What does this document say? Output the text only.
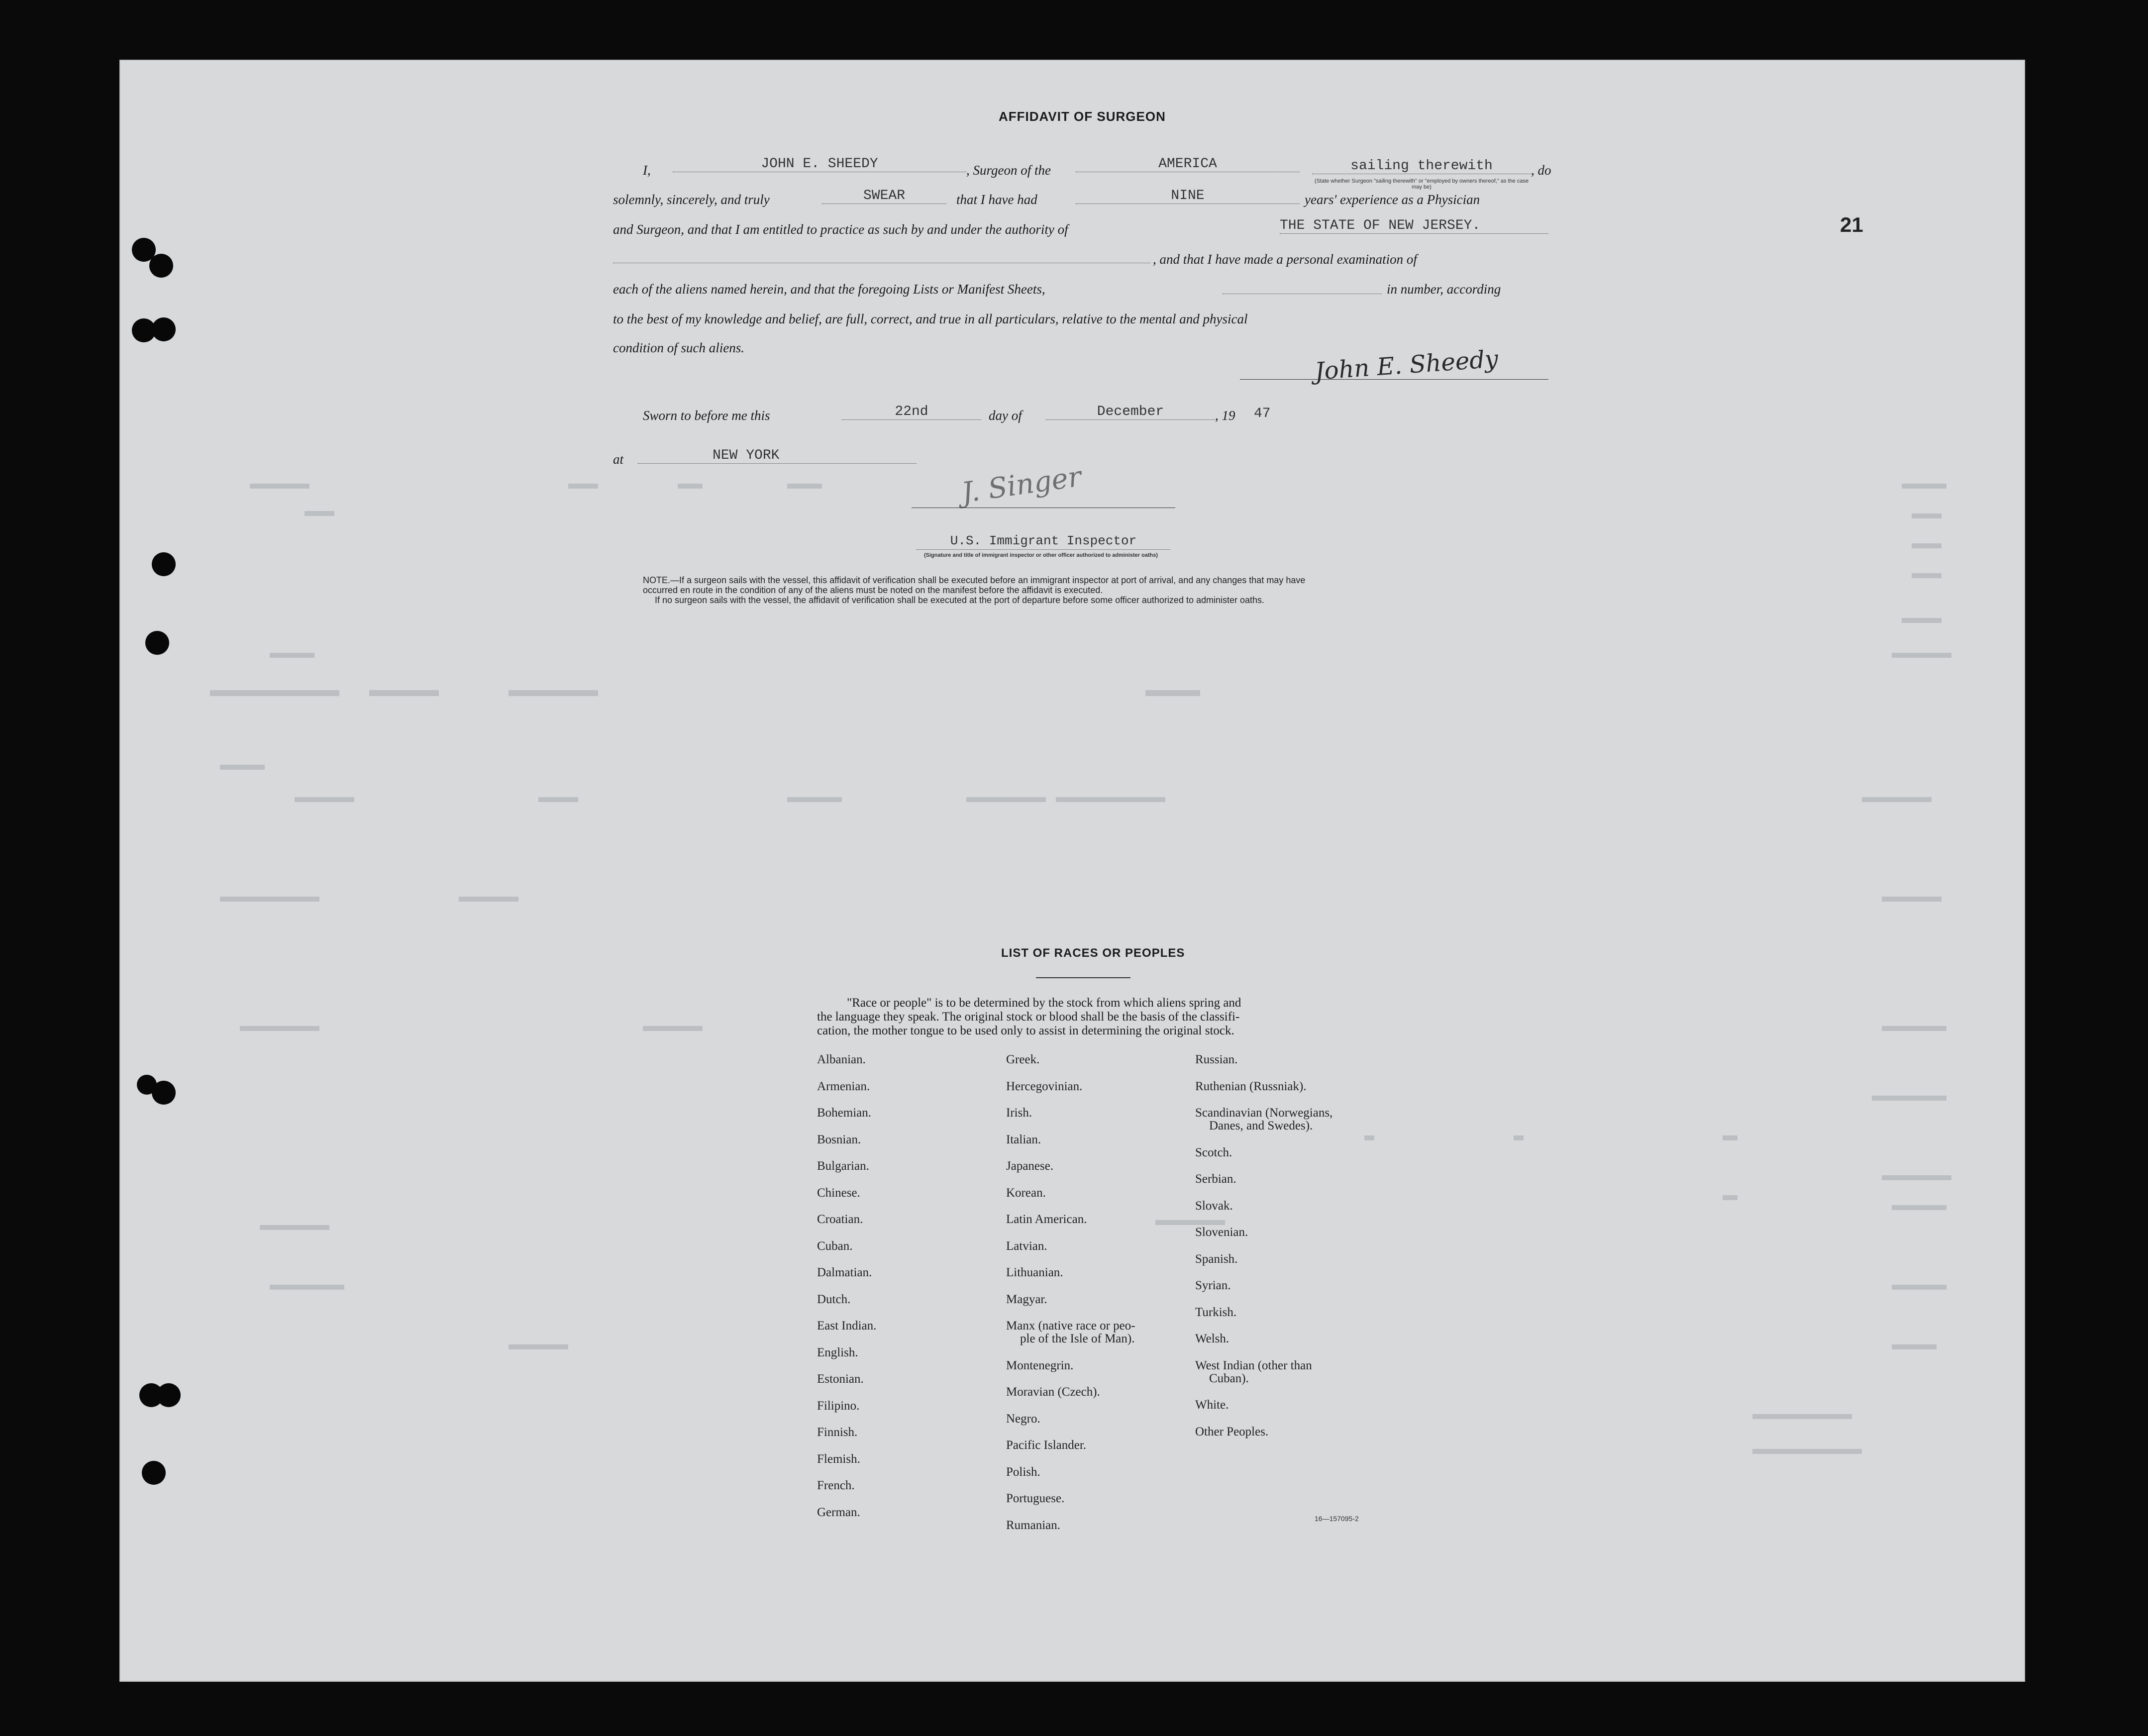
21
AFFIDAVIT OF SURGEON
I,	JOHN E. SHEEDY	, Surgeon of the	AMERICA	sailing therewith	, do
(State whether Surgeon "sailing therewith" or "employed by owners thereof," as the case may be)
solemnly, sincerely, and truly	SWEAR	that I have had	NINE	years' experience as a Physician
and Surgeon, and that I am entitled to practice as such by and under the authority of	THE STATE OF NEW JERSEY.
, and that I have made a personal examination of
each of the aliens named herein, and that the foregoing Lists or Manifest Sheets,	in number, according
to the best of my knowledge and belief, are full, correct, and true in all particulars, relative to the mental and physical
condition of such aliens.	John E. Sheedy
Sworn to before me this	22nd	day of	December	, 19 47
at	NEW YORK
J. Singer
U.S. Immigrant Inspector
(Signature and title of immigrant inspector or other officer authorized to administer oaths)
NOTE.—If a surgeon sails with the vessel, this affidavit of verification shall be executed before an immigrant inspector at port of arrival, and any changes that may have
occurred en route in the condition of any of the aliens must be noted on the manifest before the affidavit is executed.
If no surgeon sails with the vessel, the affidavit of verification shall be executed at the port of departure before some officer authorized to administer oaths.
LIST OF RACES OR PEOPLES
"Race or people" is to be determined by the stock from which aliens spring and
the language they speak. The original stock or blood shall be the basis of the classifi-
cation, the mother tongue to be used only to assist in determining the original stock.
Albanian.
Armenian.
Bohemian.
Bosnian.
Bulgarian.
Chinese.
Croatian.
Cuban.
Dalmatian.
Dutch.
East Indian.
English.
Estonian.
Filipino.
Finnish.
Flemish.
French.
German.
Greek.
Hercegovinian.
Irish.
Italian.
Japanese.
Korean.
Latin American.
Latvian.
Lithuanian.
Magyar.
Manx (native race or peo-
ple of the Isle of Man).
Montenegrin.
Moravian (Czech).
Negro.
Pacific Islander.
Polish.
Portuguese.
Rumanian.
Russian.
Ruthenian (Russniak).
Scandinavian (Norwegians,
Danes, and Swedes).
Scotch.
Serbian.
Slovak.
Slovenian.
Spanish.
Syrian.
Turkish.
Welsh.
West Indian (other than
Cuban).
White.
Other Peoples.
16—157095-2
